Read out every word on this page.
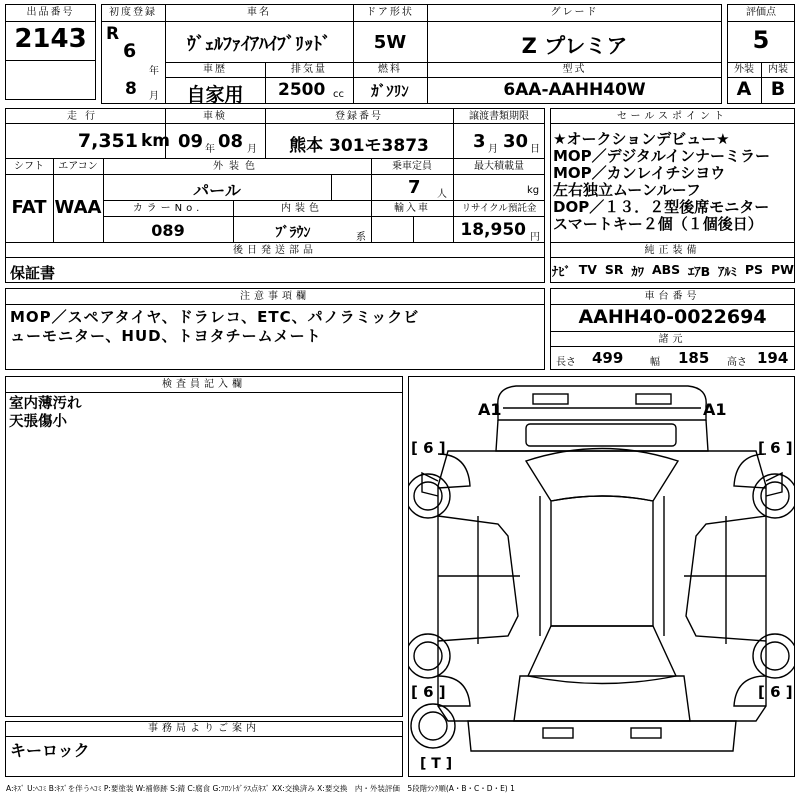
出品番号
2143
初度登録
R
6
年
8 月
車名
ｳﾞｪﾙﾌｧｲｱﾊｲﾌﾞﾘｯﾄﾞ
車歴
自家用
排気量
2500 cc
ドア形状
5W
燃料
ｶﾞｿﾘﾝ
グレード
Z プレミア
型式
6AA-AAHH40W
評価点
5
外装	内装
A	B
走行
7,351 km
車検
09 年 08 月
登録番号
熊本 301モ3873
譲渡書類期限
3 月 30 日
シフト
FAT
エアコン
WAA
外装色
パール
乗車定員
7 人
最大積載量
kg
カラーNo.
089
内装色
ﾌﾞﾗｳﾝ	系
輸入車	リサイクル預託金
18,950 円
後日発送部品
保証書
セールスポイント
★オークションデビュー★
MOP／デジタルインナーミラー
MOP／カンレイチシヨウ
左右独立ムーンルーフ
DOP／１３．２型後席モニター
スマートキー２個（１個後日）
純正装備
ﾅﾋﾞ TV SR ｶﾜ ABS ｴｱB ｱﾙﾐ PS PW
注意事項欄
MOP／スペアタイヤ、ドラレコ、ETC、パノラミックビ
ューモニター、HUD、トヨタチームメート
車台番号
AAHH40-0022694
諸元
長さ 499	幅 185 高さ 194
検査員記入欄
室内薄汚れ
天張傷小
事務局よりご案内
キーロック
A1	A1
[ 6 ]	[ 6 ]
[ 6 ]	[ 6 ]
[ T ]
A:ｷｽﾞ U:ﾍｺﾐ B:ｷｽﾞを伴うﾍｺﾐ P:要塗装 W:補修跡 S:錆 C:腐食 G:ﾌﾛﾝﾄｶﾞﾗｽ点ｷｽﾞ XX:交換済み X:要交換　内・外装評価　5段階ﾗﾝｸ順(A・B・C・D・E) 1
